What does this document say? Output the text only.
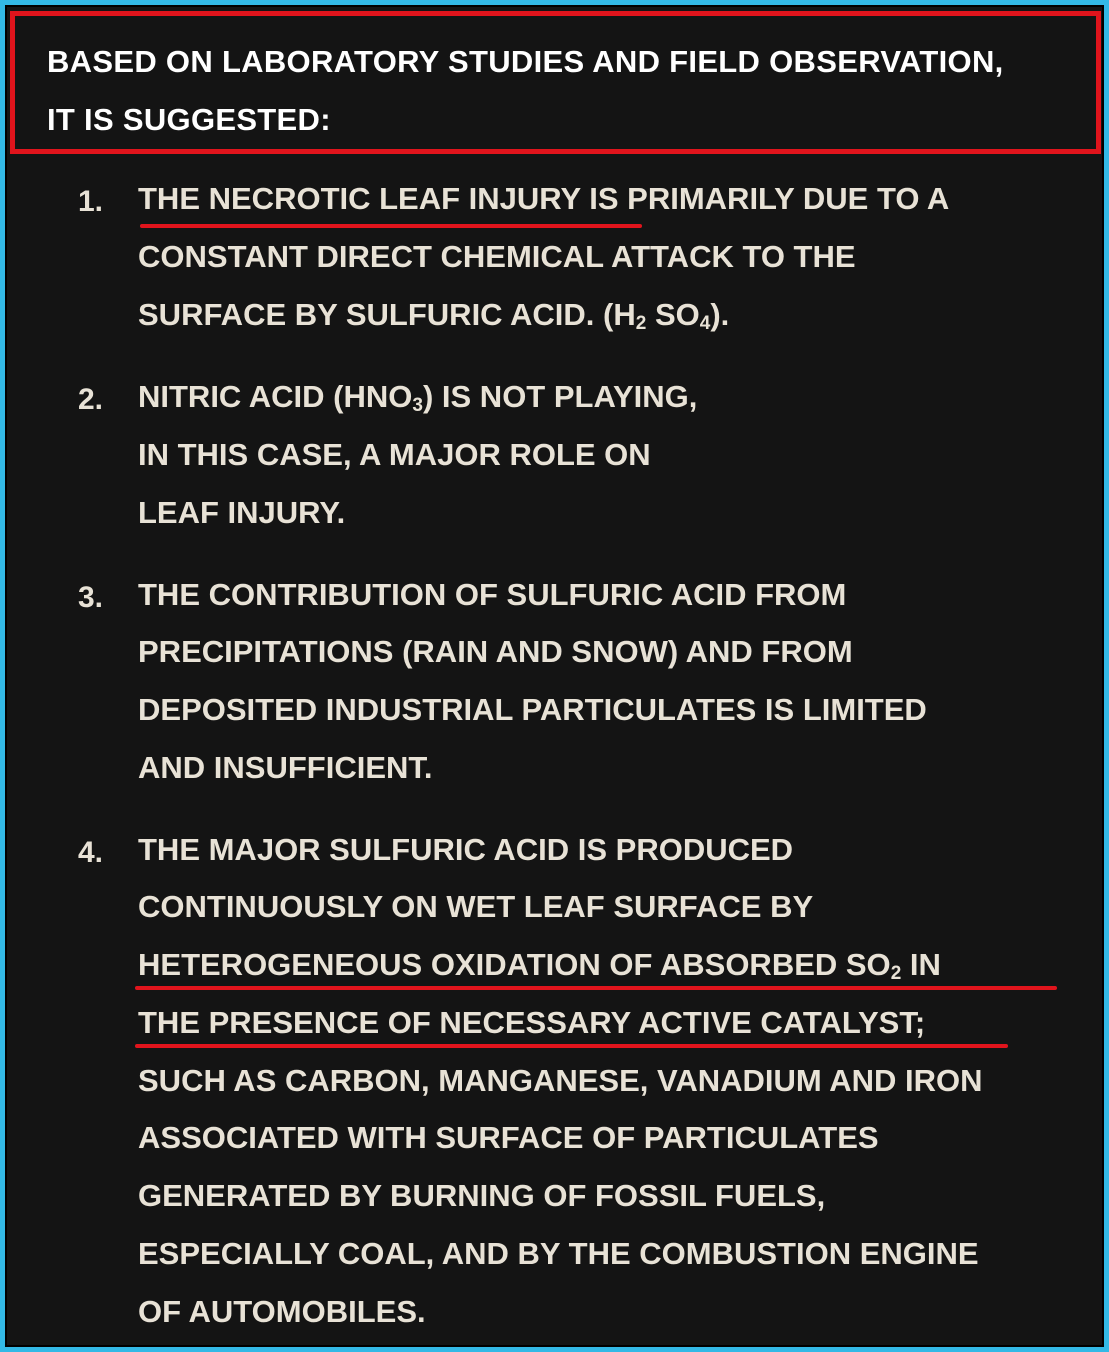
BASED ON LABORATORY STUDIES AND FIELD OBSERVATION,
IT IS SUGGESTED:
1. THE NECROTIC LEAF INJURY IS PRIMARILY DUE TO A
CONSTANT DIRECT CHEMICAL ATTACK TO THE
SURFACE BY SULFURIC ACID. ($H_2$ $SO_4$).
2. NITRIC ACID $(HNO_3)$ IS NOT PLAYING,
IN THIS CASE, A MAJOR ROLE ON
LEAF INJURY.
3. THE CONTRIBUTION OF SULFURIC ACID FROM
PRECIPITATIONS (RAIN AND SNOW) AND FROM
DEPOSITED INDUSTRIAL PARTICULATES IS LIMITED
AND INSUFFICIENT.
4. THE MAJOR SULFURIC ACID IS PRODUCED
CONTINUOUSLY ON WET LEAF SURFACE BY
HETEROGENEOUS OXIDATION OF ABSORBED $SO_2$ IN
THE PRESENCE OF NECESSARY ACTIVE CATALYST;
SUCH AS CARBON, MANGANESE, VANADIUM AND IRON
ASSOCIATED WITH SURFACE OF PARTICULATES
GENERATED BY BURNING OF FOSSIL FUELS,
ESPECIALLY COAL, AND BY THE COMBUSTION ENGINE
OF AUTOMOBILES.
